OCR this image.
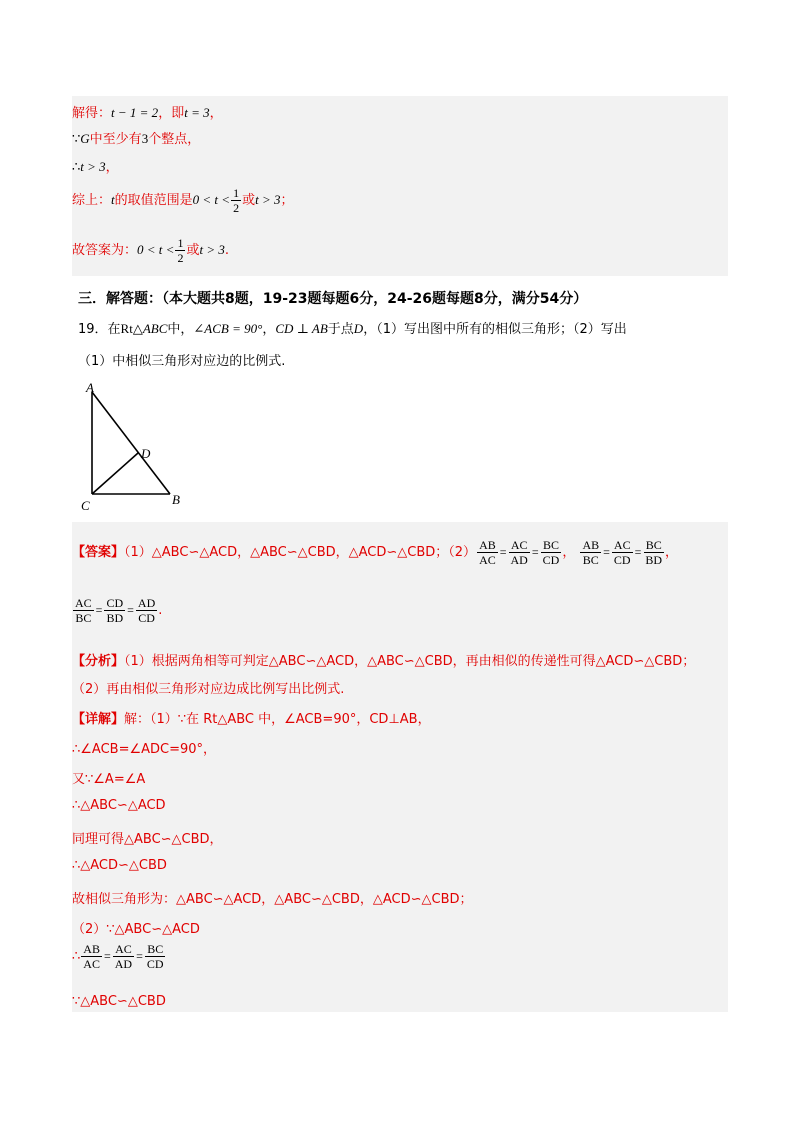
解得：t − 1 = 2，即t = 3，
∵G中至少有3个整点，
∴t > 3，
综上：t的取值范围是$0 < t < \frac{1}{2}$ 或t > 3；
故答案为：$0 < t < \frac{1}{2}$ 或t > 3.
三．解答题：（本大题共8题，19-23题每题6分，24-26题每题8分，满分54分）
19．在Rt△ABC中，∠ACB = 90°，CD ⊥ AB于点D，（1）写出图中所有的相似三角形；（2）写出
（1）中相似三角形对应边的比例式.
A
D
C	B
【答案】（1）△ABC∽△ACD，△ABC∽△CBD，△ACD∽△CBD；$(2) \frac{AB}{AC} = \frac{AC}{AD} = \frac{BC}{CD}$ ， $\frac{AB}{BC} = \frac{AC}{CD} = \frac{BC}{BD}$ ，
$\frac{AC}{BC} = \frac{CD}{BD} = \frac{AD}{CD}$ .
【分析】（1）根据两角相等可判定△ABC∽△ACD，△ABC∽△CBD，再由相似的传递性可得△ACD∽△CBD；
（2）再由相似三角形对应边成比例写出比例式.
【详解】解：（1）∵在 Rt△ABC 中，∠ACB=90°，CD⊥AB，
∴∠ACB=∠ADC=90°，
又∵∠A=∠A
∴△ABC∽△ACD
同理可得△ABC∽△CBD，
∴△ACD∽△CBD
故相似三角形为：△ABC∽△ACD，△ABC∽△CBD，△ACD∽△CBD；
（2）∵△ABC∽△ACD
∴ $\frac{AB}{AC} = \frac{AC}{AD} = \frac{BC}{CD}$
∵△ABC∽△CBD
